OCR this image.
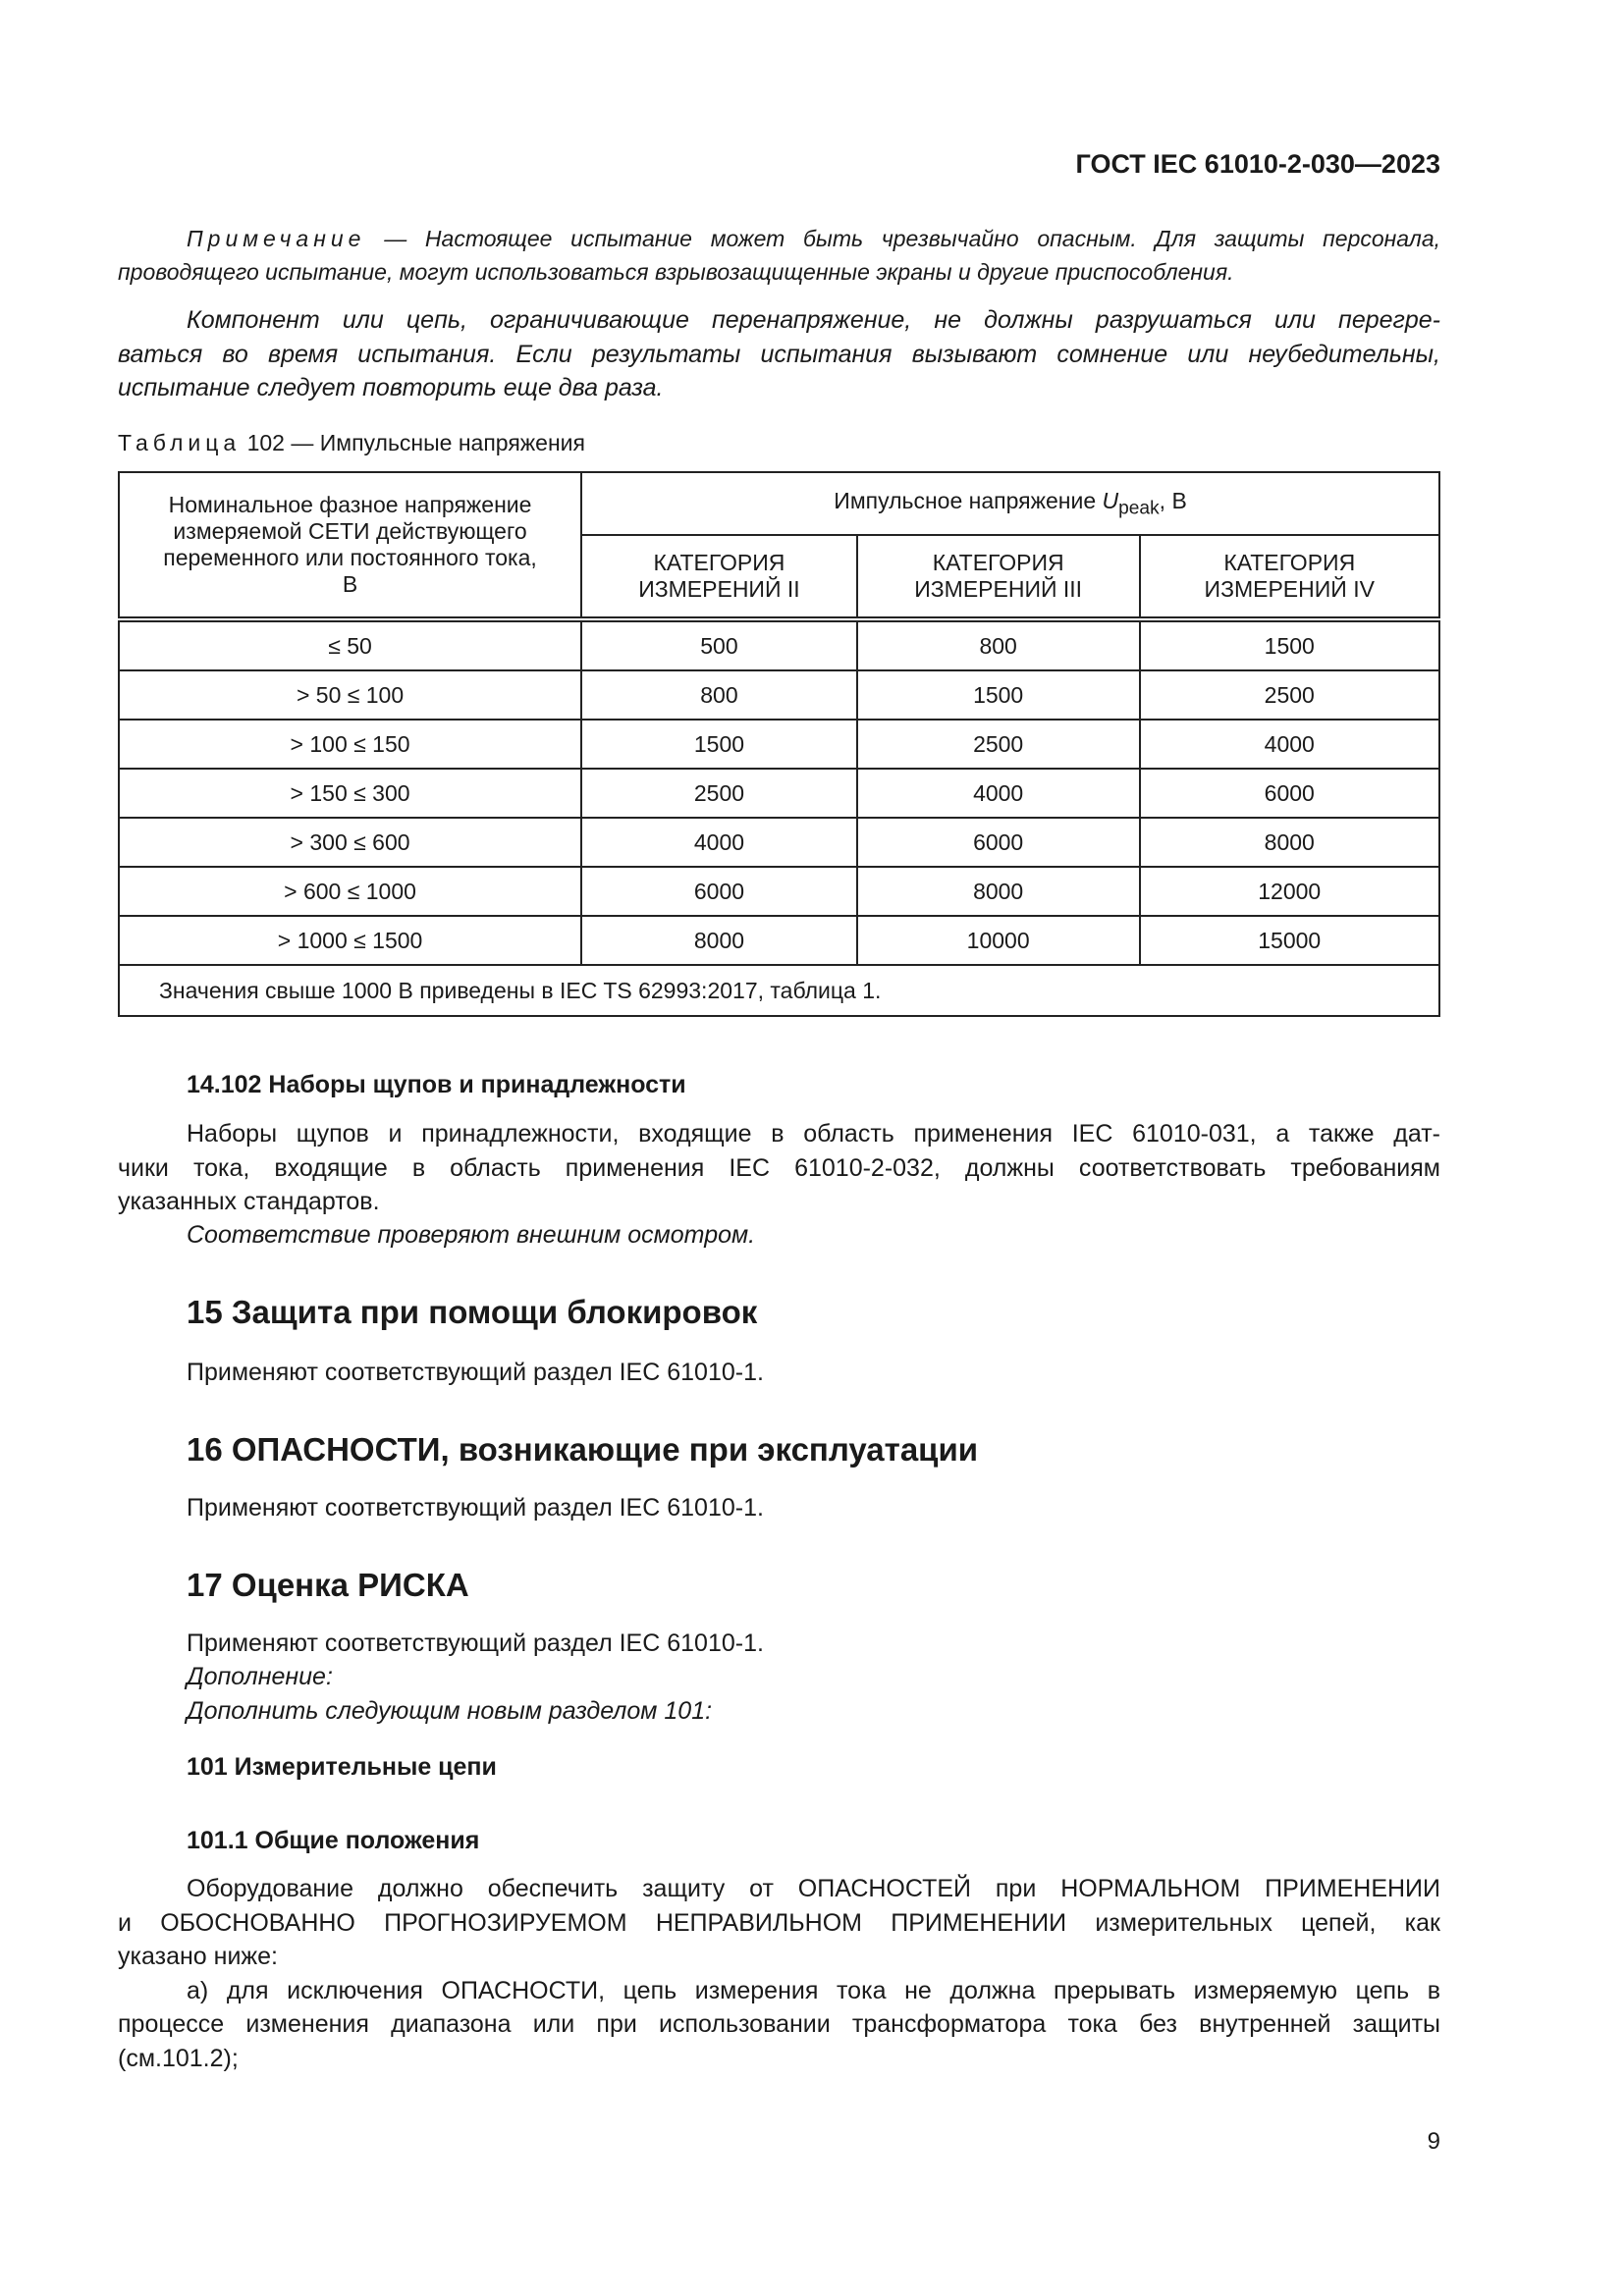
ГОСТ IEC 61010-2-030—2023
Примечание — Настоящее испытание может быть чрезвычайно опасным. Для защиты персонала,
проводящего испытание, могут использоваться взрывозащищенные экраны и другие приспособления.
Компонент или цепь, ограничивающие перенапряжение, не должны разрушаться или перегре-
ваться во время испытания. Если результаты испытания вызывают сомнение или неубедительны,
испытание следует повторить еще два раза.
Таблица 102 — Импульсные напряжения
Номинальное фазное напряжение измеряемой СЕТИ действующего переменного или постоянного тока, В	Импульсное напряжение $U_{peak}$, В		
	КАТЕГОРИЯ ИЗМЕРЕНИЙ II	КАТЕГОРИЯ ИЗМЕРЕНИЙ III	КАТЕГОРИЯ ИЗМЕРЕНИЙ IV
≤ 50	500	800	1500
> 50 ≤ 100	800	1500	2500
> 100 ≤ 150	1500	2500	4000
> 150 ≤ 300	2500	4000	6000
> 300 ≤ 600	4000	6000	8000
> 600 ≤ 1000	6000	8000	12000
> 1000 ≤ 1500	8000	10000	15000
Значения свыше 1000 В приведены в IEC TS 62993:2017, таблица 1.			
14.102 Наборы щупов и принадлежности
Наборы щупов и принадлежности, входящие в область применения IEC 61010-031, а также дат-
чики тока, входящие в область применения IEC 61010-2-032, должны соответствовать требованиям
указанных стандартов.
Соответствие проверяют внешним осмотром.
15 Защита при помощи блокировок
Применяют соответствующий раздел IEC 61010-1.
16 ОПАСНОСТИ, возникающие при эксплуатации
Применяют соответствующий раздел IEC 61010-1.
17 Оценка РИСКА
Применяют соответствующий раздел IEC 61010-1.
Дополнение:
Дополнить следующим новым разделом 101:
101 Измерительные цепи
101.1 Общие положения
Оборудование должно обеспечить защиту от ОПАСНОСТЕЙ при НОРМАЛЬНОМ ПРИМЕНЕНИИ
и ОБОСНОВАННО ПРОГНОЗИРУЕМОМ НЕПРАВИЛЬНОМ ПРИМЕНЕНИИ измерительных цепей, как
указано ниже:
а) для исключения ОПАСНОСТИ, цепь измерения тока не должна прерывать измеряемую цепь в
процессе изменения диапазона или при использовании трансформатора тока без внутренней защиты
(см.101.2);
9
